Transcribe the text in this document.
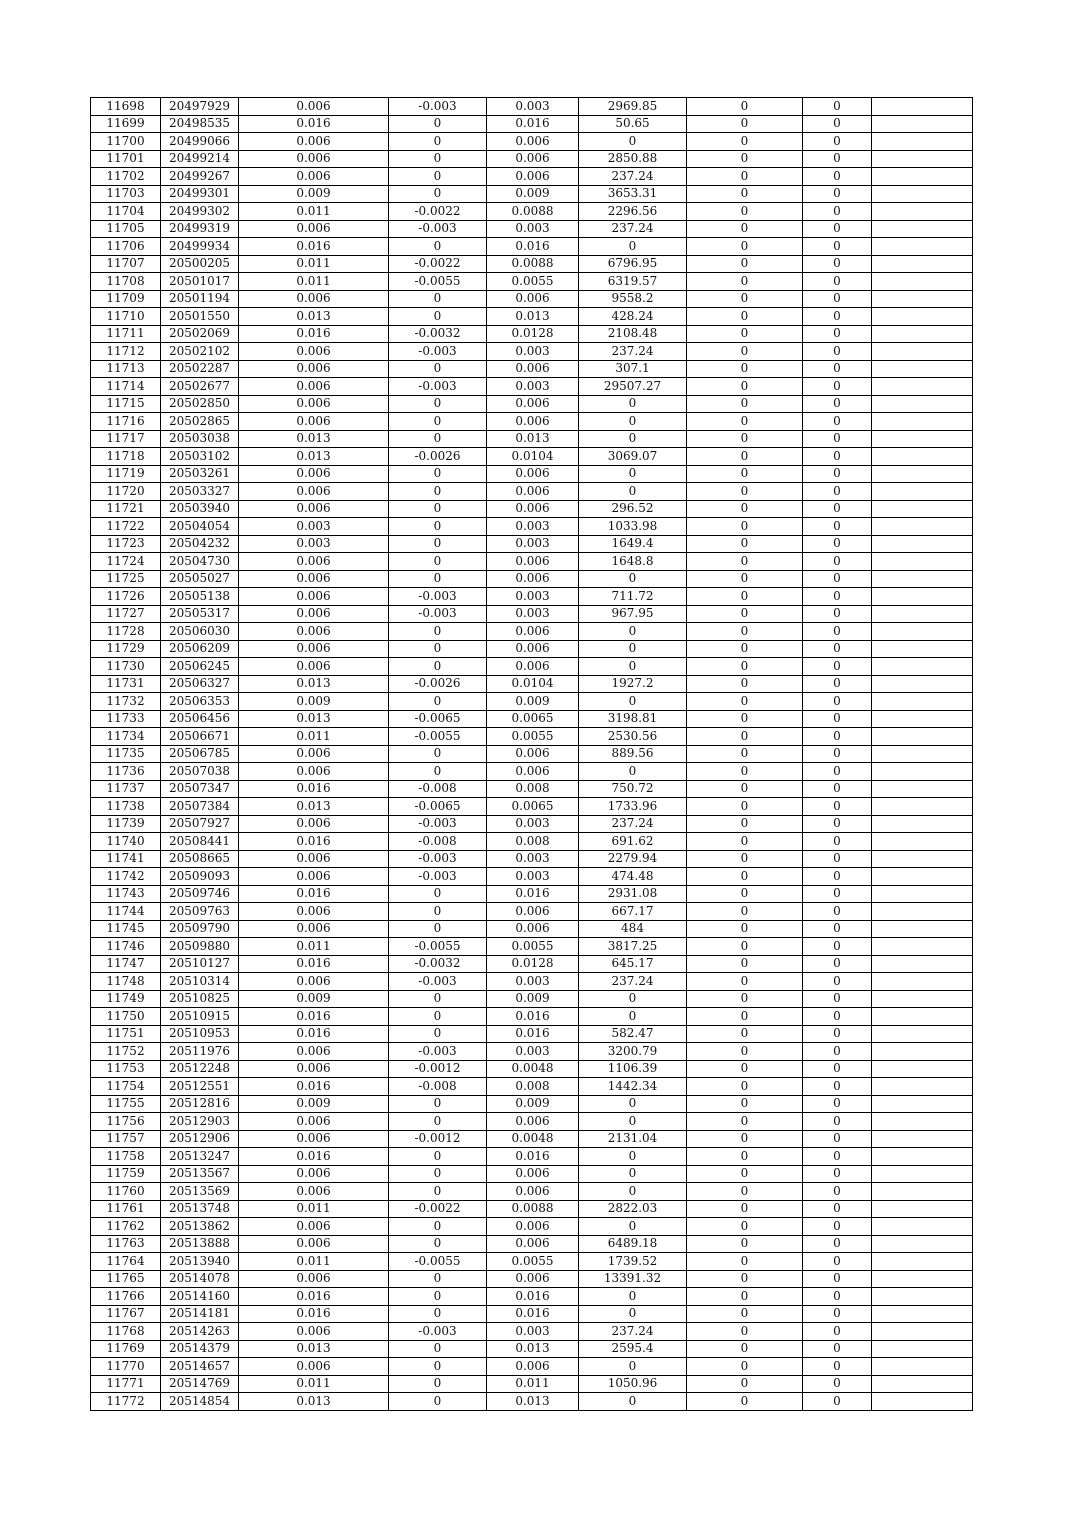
11698	20497929	0.006	-0.003	0.003	2969.85	0	0	
11699	20498535	0.016	0	0.016	50.65	0	0	
11700	20499066	0.006	0	0.006	0	0	0	
11701	20499214	0.006	0	0.006	2850.88	0	0	
11702	20499267	0.006	0	0.006	237.24	0	0	
11703	20499301	0.009	0	0.009	3653.31	0	0	
11704	20499302	0.011	-0.0022	0.0088	2296.56	0	0	
11705	20499319	0.006	-0.003	0.003	237.24	0	0	
11706	20499934	0.016	0	0.016	0	0	0	
11707	20500205	0.011	-0.0022	0.0088	6796.95	0	0	
11708	20501017	0.011	-0.0055	0.0055	6319.57	0	0	
11709	20501194	0.006	0	0.006	9558.2	0	0	
11710	20501550	0.013	0	0.013	428.24	0	0	
11711	20502069	0.016	-0.0032	0.0128	2108.48	0	0	
11712	20502102	0.006	-0.003	0.003	237.24	0	0	
11713	20502287	0.006	0	0.006	307.1	0	0	
11714	20502677	0.006	-0.003	0.003	29507.27	0	0	
11715	20502850	0.006	0	0.006	0	0	0	
11716	20502865	0.006	0	0.006	0	0	0	
11717	20503038	0.013	0	0.013	0	0	0	
11718	20503102	0.013	-0.0026	0.0104	3069.07	0	0	
11719	20503261	0.006	0	0.006	0	0	0	
11720	20503327	0.006	0	0.006	0	0	0	
11721	20503940	0.006	0	0.006	296.52	0	0	
11722	20504054	0.003	0	0.003	1033.98	0	0	
11723	20504232	0.003	0	0.003	1649.4	0	0	
11724	20504730	0.006	0	0.006	1648.8	0	0	
11725	20505027	0.006	0	0.006	0	0	0	
11726	20505138	0.006	-0.003	0.003	711.72	0	0	
11727	20505317	0.006	-0.003	0.003	967.95	0	0	
11728	20506030	0.006	0	0.006	0	0	0	
11729	20506209	0.006	0	0.006	0	0	0	
11730	20506245	0.006	0	0.006	0	0	0	
11731	20506327	0.013	-0.0026	0.0104	1927.2	0	0	
11732	20506353	0.009	0	0.009	0	0	0	
11733	20506456	0.013	-0.0065	0.0065	3198.81	0	0	
11734	20506671	0.011	-0.0055	0.0055	2530.56	0	0	
11735	20506785	0.006	0	0.006	889.56	0	0	
11736	20507038	0.006	0	0.006	0	0	0	
11737	20507347	0.016	-0.008	0.008	750.72	0	0	
11738	20507384	0.013	-0.0065	0.0065	1733.96	0	0	
11739	20507927	0.006	-0.003	0.003	237.24	0	0	
11740	20508441	0.016	-0.008	0.008	691.62	0	0	
11741	20508665	0.006	-0.003	0.003	2279.94	0	0	
11742	20509093	0.006	-0.003	0.003	474.48	0	0	
11743	20509746	0.016	0	0.016	2931.08	0	0	
11744	20509763	0.006	0	0.006	667.17	0	0	
11745	20509790	0.006	0	0.006	484	0	0	
11746	20509880	0.011	-0.0055	0.0055	3817.25	0	0	
11747	20510127	0.016	-0.0032	0.0128	645.17	0	0	
11748	20510314	0.006	-0.003	0.003	237.24	0	0	
11749	20510825	0.009	0	0.009	0	0	0	
11750	20510915	0.016	0	0.016	0	0	0	
11751	20510953	0.016	0	0.016	582.47	0	0	
11752	20511976	0.006	-0.003	0.003	3200.79	0	0	
11753	20512248	0.006	-0.0012	0.0048	1106.39	0	0	
11754	20512551	0.016	-0.008	0.008	1442.34	0	0	
11755	20512816	0.009	0	0.009	0	0	0	
11756	20512903	0.006	0	0.006	0	0	0	
11757	20512906	0.006	-0.0012	0.0048	2131.04	0	0	
11758	20513247	0.016	0	0.016	0	0	0	
11759	20513567	0.006	0	0.006	0	0	0	
11760	20513569	0.006	0	0.006	0	0	0	
11761	20513748	0.011	-0.0022	0.0088	2822.03	0	0	
11762	20513862	0.006	0	0.006	0	0	0	
11763	20513888	0.006	0	0.006	6489.18	0	0	
11764	20513940	0.011	-0.0055	0.0055	1739.52	0	0	
11765	20514078	0.006	0	0.006	13391.32	0	0	
11766	20514160	0.016	0	0.016	0	0	0	
11767	20514181	0.016	0	0.016	0	0	0	
11768	20514263	0.006	-0.003	0.003	237.24	0	0	
11769	20514379	0.013	0	0.013	2595.4	0	0	
11770	20514657	0.006	0	0.006	0	0	0	
11771	20514769	0.011	0	0.011	1050.96	0	0	
11772	20514854	0.013	0	0.013	0	0	0	
